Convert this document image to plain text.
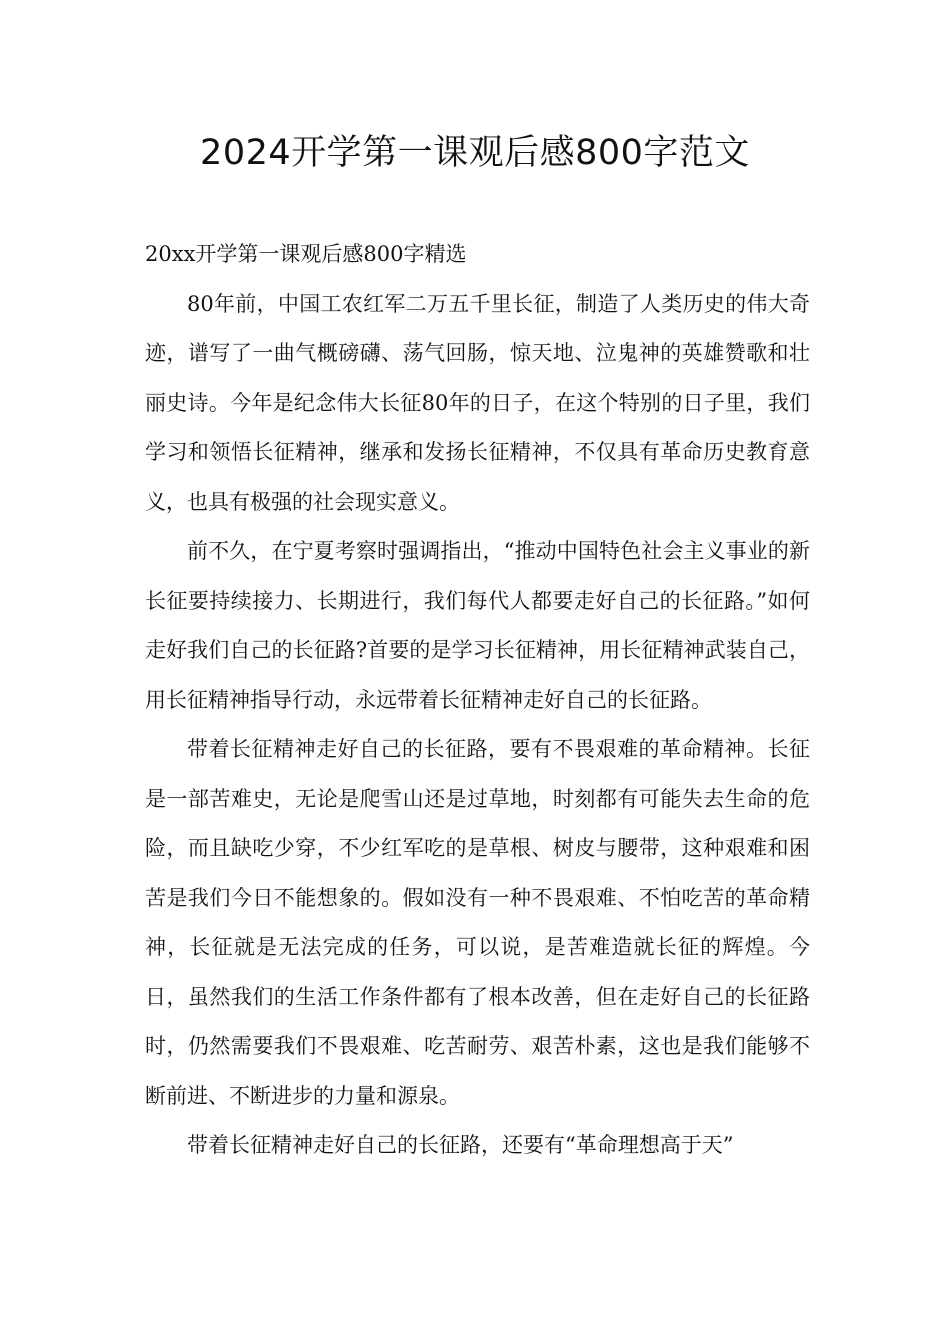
2024开学第一课观后感800字范文

20xx开学第一课观后感800字精选

80年前，中国工农红军二万五千里长征，制造了人类历史的伟大奇迹，谱写了一曲气概磅礴、荡气回肠，惊天地、泣鬼神的英雄赞歌和壮丽史诗。今年是纪念伟大长征80年的日子，在这个特别的日子里，我们学习和领悟长征精神，继承和发扬长征精神，不仅具有革命历史教育意义，也具有极强的社会现实意义。

前不久，在宁夏考察时强调指出，“推动中国特色社会主义事业的新长征要持续接力、长期进行，我们每代人都要走好自己的长征路。”如何走好我们自己的长征路?首要的是学习长征精神，用长征精神武装自己，用长征精神指导行动，永远带着长征精神走好自己的长征路。

带着长征精神走好自己的长征路，要有不畏艰难的革命精神。长征是一部苦难史，无论是爬雪山还是过草地，时刻都有可能失去生命的危险，而且缺吃少穿，不少红军吃的是草根、树皮与腰带，这种艰难和困苦是我们今日不能想象的。假如没有一种不畏艰难、不怕吃苦的革命精神，长征就是无法完成的任务，可以说，是苦难造就长征的辉煌。今日，虽然我们的生活工作条件都有了根本改善，但在走好自己的长征路时，仍然需要我们不畏艰难、吃苦耐劳、艰苦朴素，这也是我们能够不断前进、不断进步的力量和源泉。

带着长征精神走好自己的长征路，还要有“革命理想高于天”
